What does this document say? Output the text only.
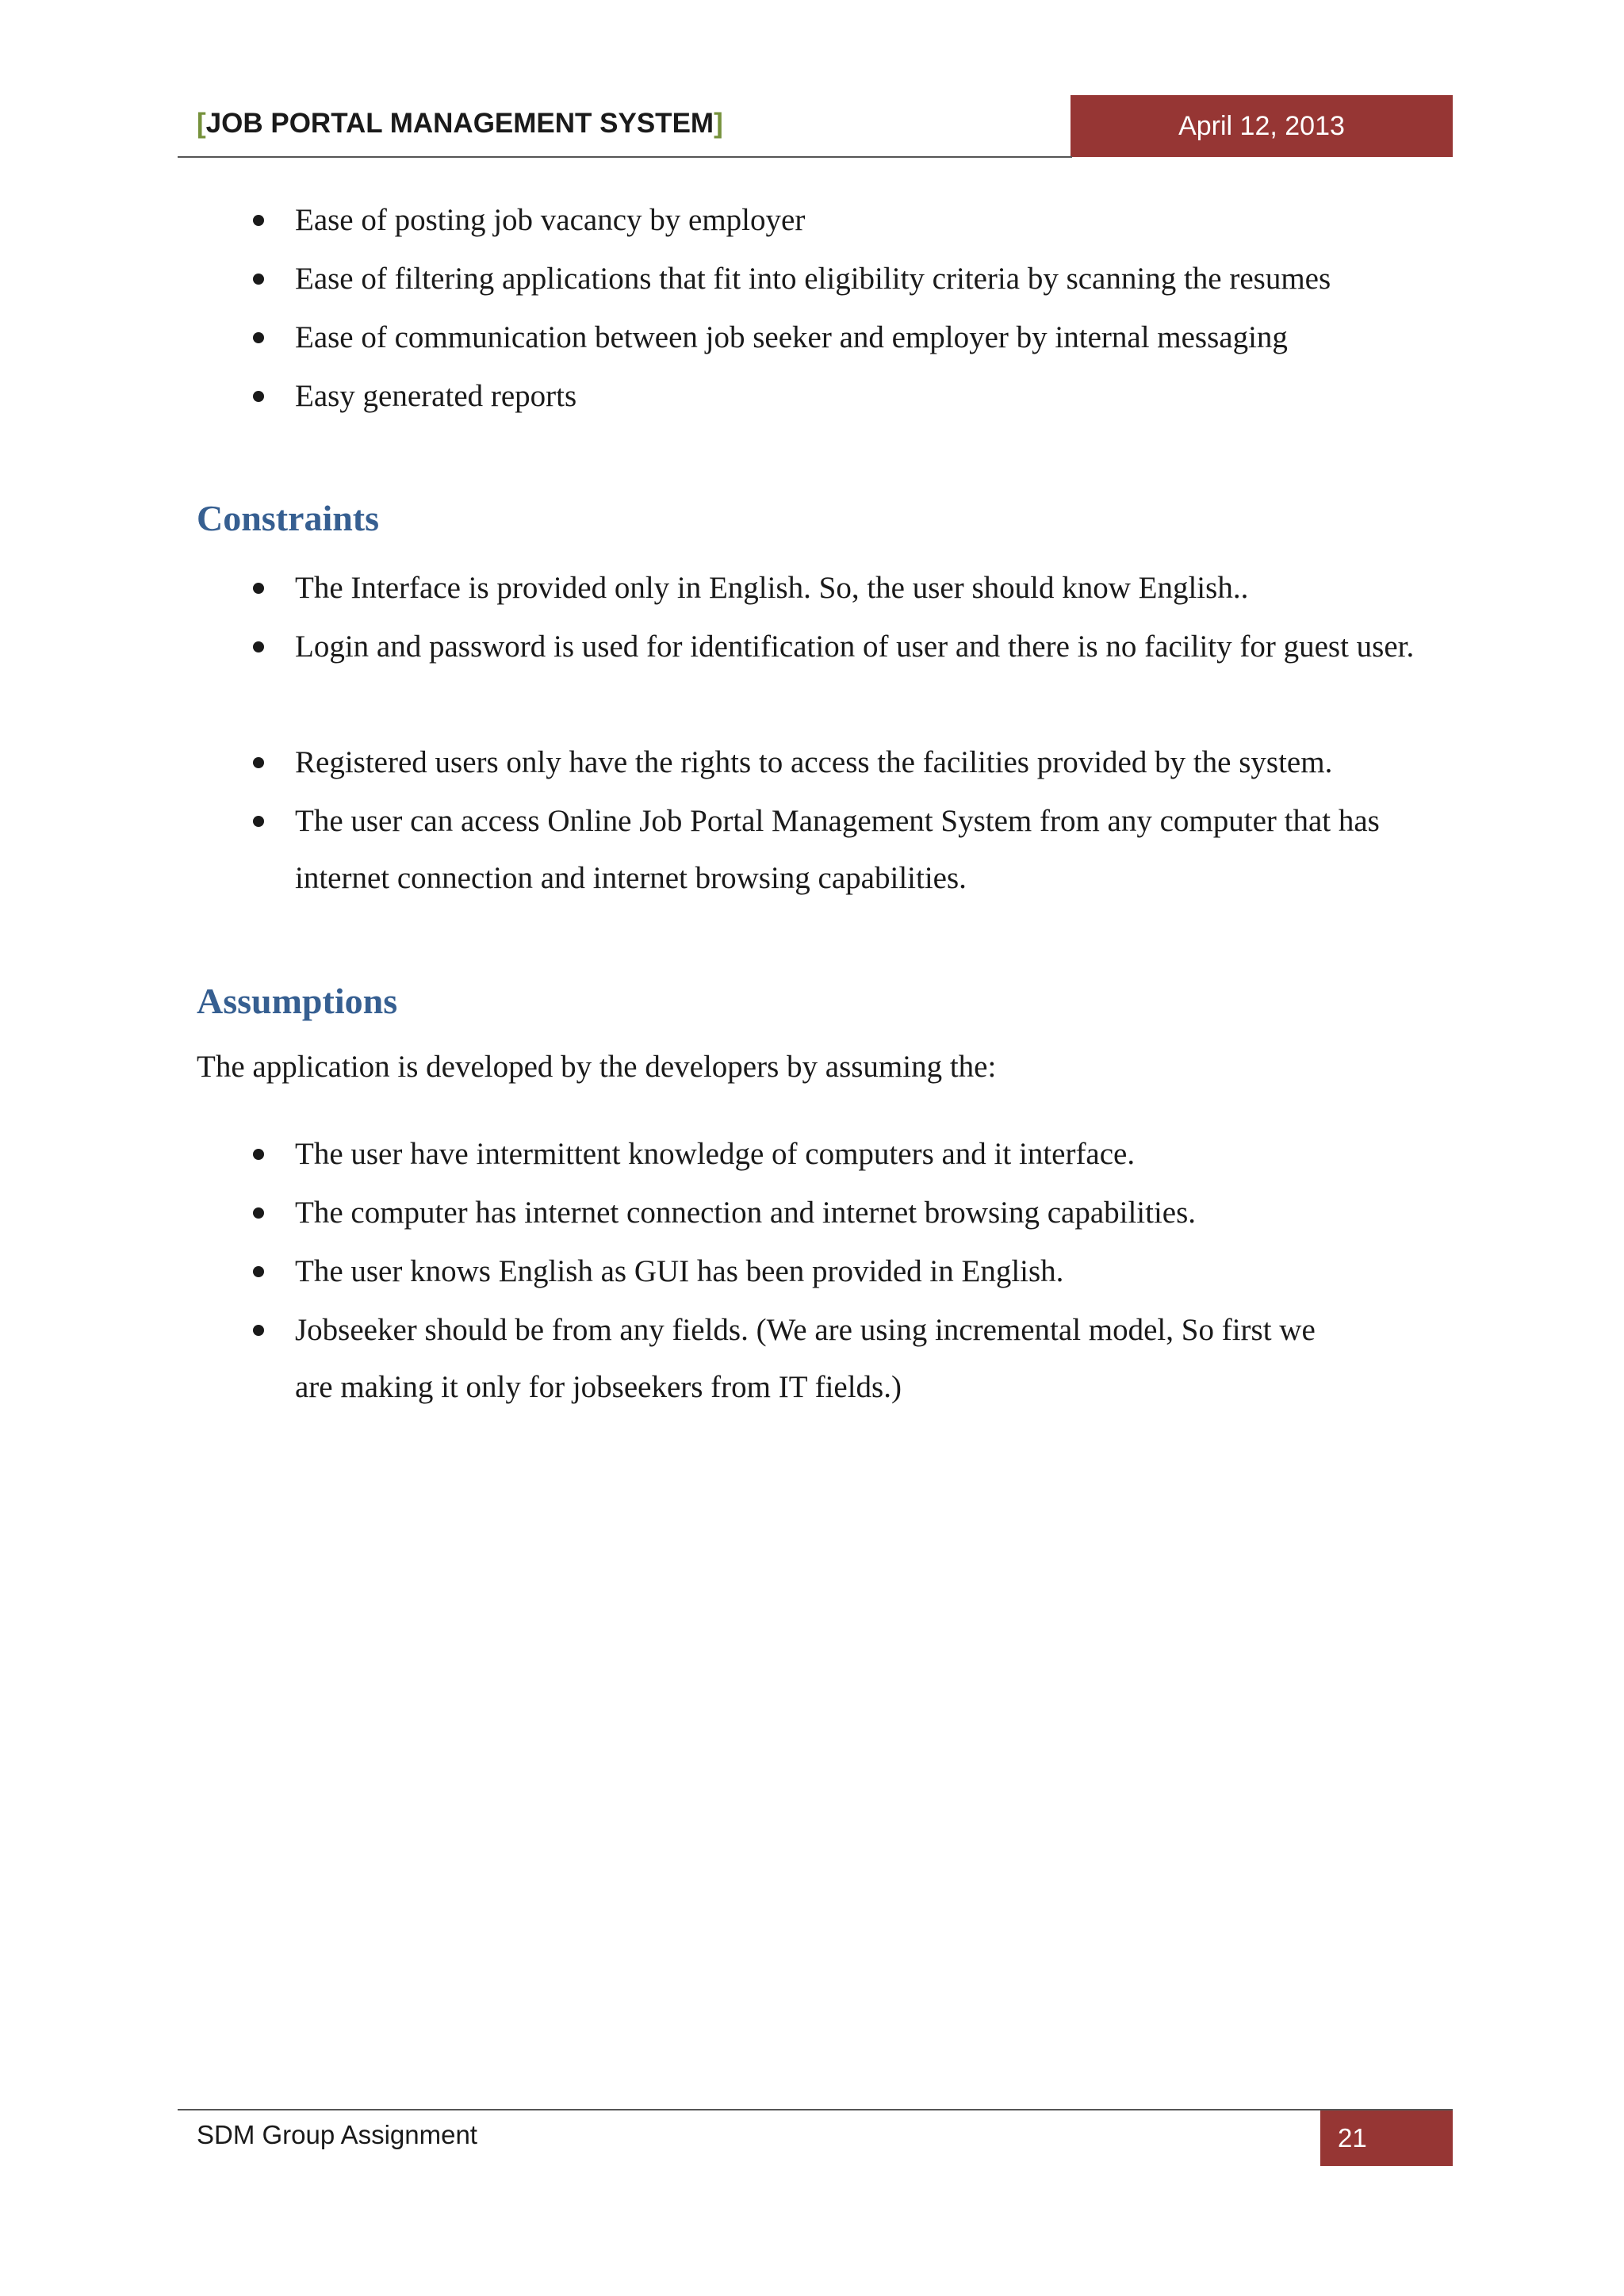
[JOB PORTAL MANAGEMENT SYSTEM]	April 12, 2013
Ease of posting job vacancy by employer
Ease of filtering applications that fit into eligibility criteria by scanning the resumes
Ease of communication between job seeker and employer by internal messaging
Easy generated reports
Constraints
The Interface is provided only in English. So, the user should know English..
Login and password is used for identification of user and there is no facility for guest user.
Registered users only have the rights to access the facilities provided by the system.
The user can access Online Job Portal Management System from any computer that has internet connection and internet browsing capabilities.
Assumptions
The application is developed by the developers by assuming the:
The user have intermittent knowledge of computers and it interface.
The computer has internet connection and internet browsing capabilities.
The user knows English as GUI has been provided in English.
Jobseeker should be from any fields. (We are using incremental model, So first we are making it only for jobseekers from IT fields.)
SDM Group Assignment	21
